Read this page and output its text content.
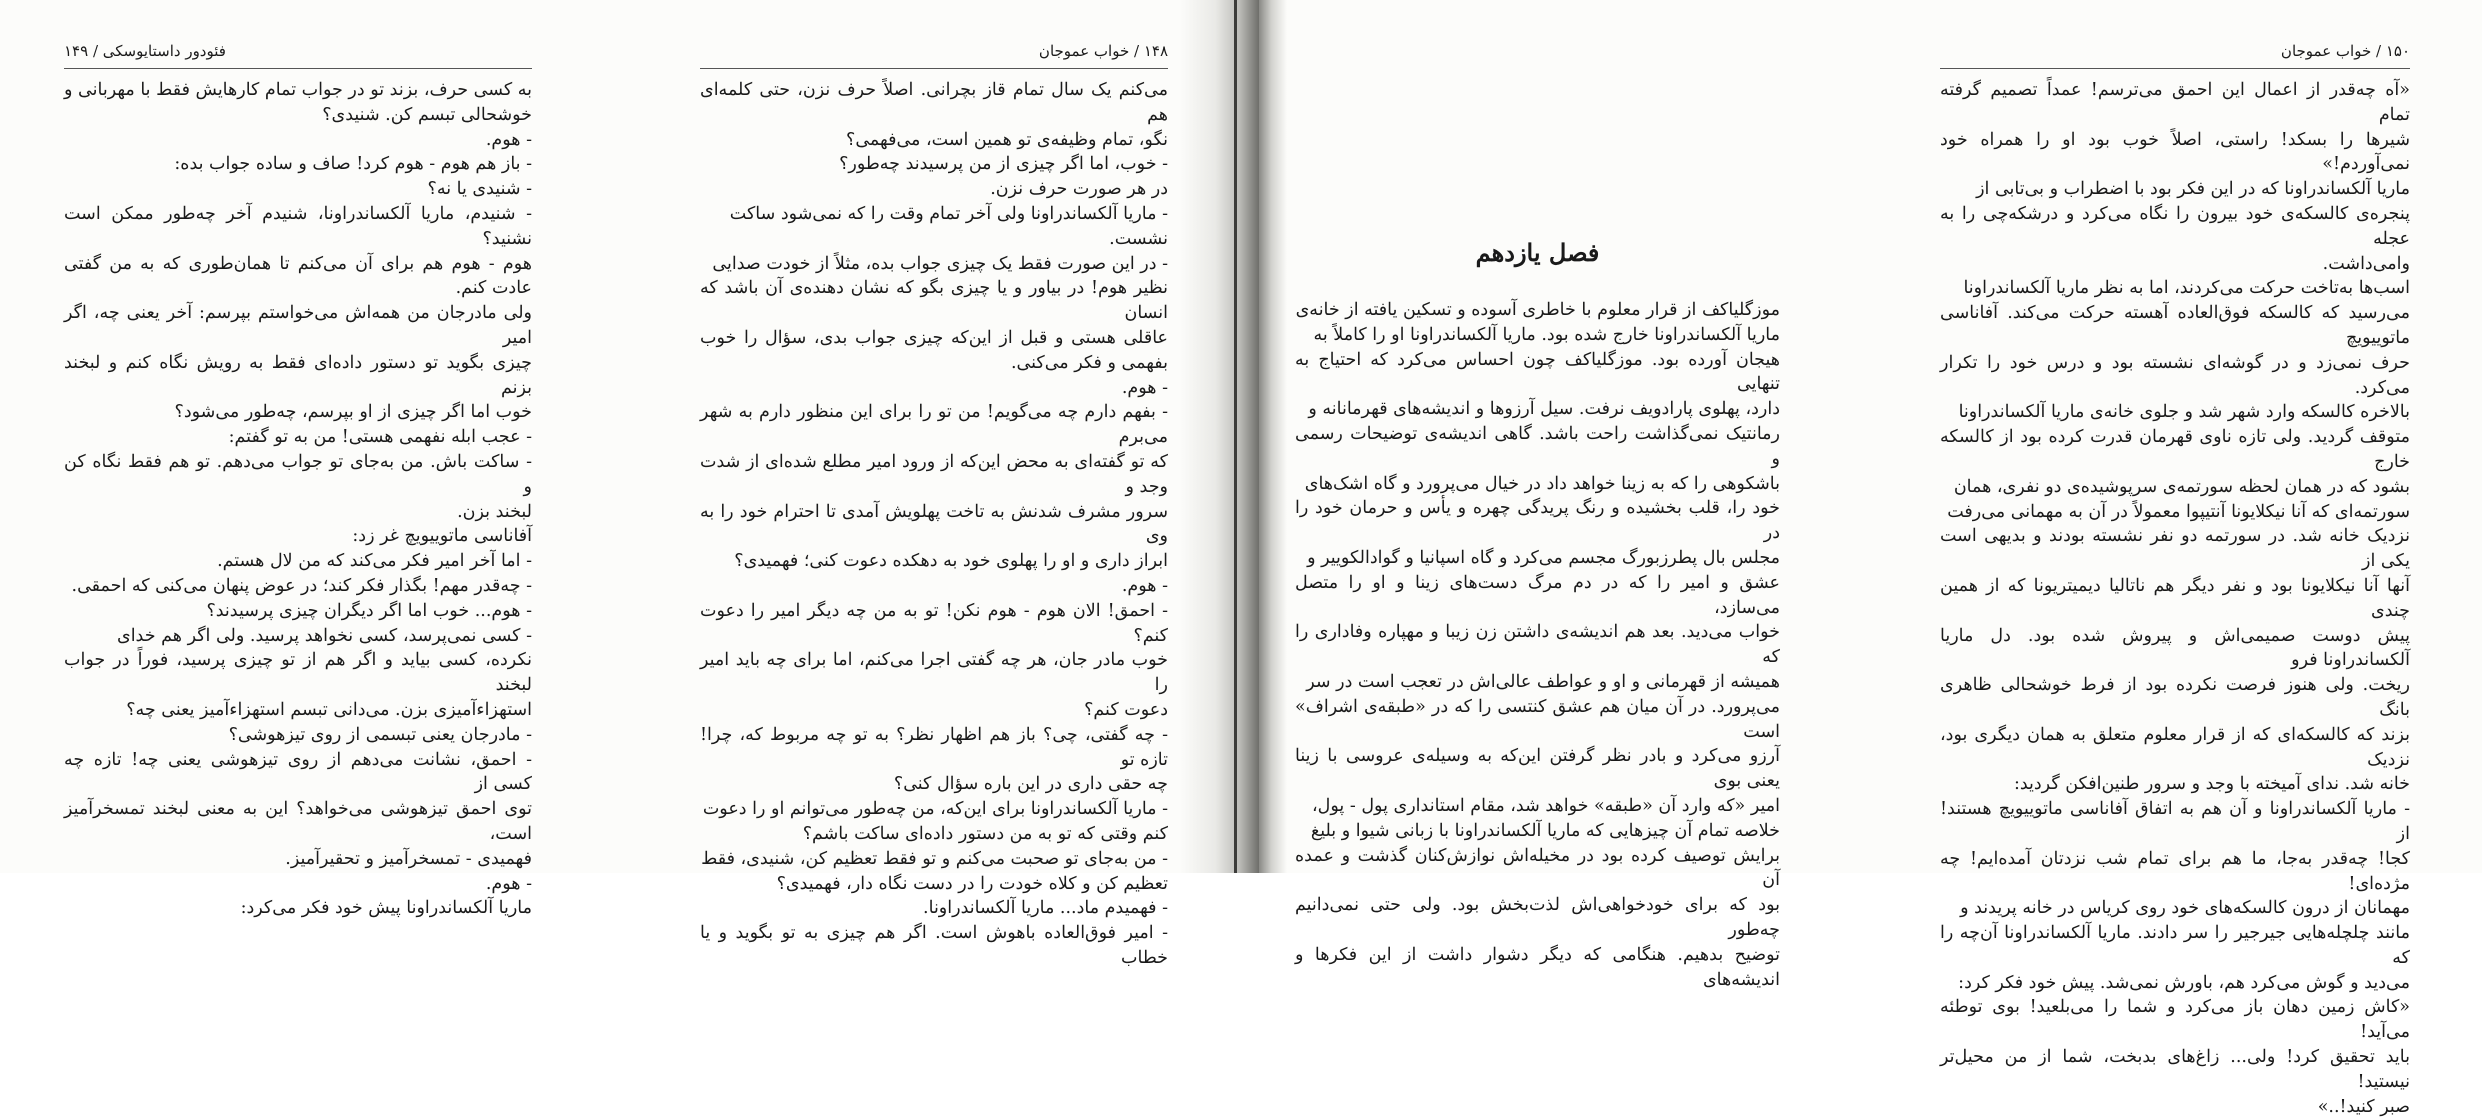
فئودور داستایوسکی / ۱۴۹

به کسی حرف، بزند تو در جواب تمام کارهایش فقط با مهربانی و

خوشحالی تبسم کن. شنیدی؟

- هوم.

- باز هم هوم - هوم کرد! صاف و ساده جواب بده:

- شنیدی یا نه؟

- شنیدم، ماریا آلکساندراونا، شنیدم آخر چه‌طور ممکن است نشنید؟

هوم - هوم هم برای آن می‌کنم تا همان‌طوری که به من گفتی عادت کنم.

ولی مادرجان من همه‌اش می‌خواستم بپرسم: آخر یعنی چه، اگر امیر

چیزی بگوید تو دستور داده‌ای فقط به رویش نگاه کنم و لبخند بزنم

خوب اما اگر چیزی از او بپرسم، چه‌طور می‌شود؟

- عجب ابله نفهمی هستی! من به تو گفتم:

- ساکت باش. من به‌جای تو جواب می‌دهم. تو هم فقط نگاه کن و

لبخند بزن.

آفاناسی ماتوییویچ غر زد:

- اما آخر امیر فکر می‌کند که من لال هستم.

- چه‌قدر مهم! بگذار فکر کند؛ در عوض پنهان می‌کنی که احمقی.

- هوم... خوب اما اگر دیگران چیزی پرسیدند؟

- کسی نمی‌پرسد، کسی نخواهد پرسید. ولی اگر هم خدای

نکرده، کسی بیاید و اگر هم از تو چیزی پرسید، فوراً در جواب لبخند

استهزاءآمیزی بزن. می‌دانی تبسم استهزاءآمیز یعنی چه؟

- مادرجان یعنی تبسمی از روی تیزهوشی؟

- احمق، نشانت می‌دهم از روی تیزهوشی یعنی چه! تازه چه کسی از

توی احمق تیزهوشی می‌خواهد؟ این به معنی لبخند تمسخرآمیز است،

فهمیدی - تمسخرآمیز و تحقیرآمیز.

- هوم.

ماریا آلکساندراونا پیش خود فکر می‌کرد:

۱۴۸ / خواب عموجان

می‌کنم یک سال تمام قاز بچرانی. اصلاً حرف نزن، حتی کلمه‌ای هم

نگو، تمام وظیفه‌ی تو همین است، می‌فهمی؟

- خوب، اما اگر چیزی از من پرسیدند چه‌طور؟

در هر صورت حرف نزن.

- ماریا آلکساندراونا ولی آخر تمام وقت را که نمی‌شود ساکت

نشست.

- در این صورت فقط یک چیزی جواب بده، مثلاً از خودت صدایی

نظیر هوم! در بیاور و یا چیزی بگو که نشان دهنده‌ی آن باشد که انسان

عاقلی هستی و قبل از این‌که چیزی جواب بدی، سؤال را خوب بفهمی و فکر می‌کنی.

- هوم.

- بفهم دارم چه می‌گویم! من تو را برای این منظور دارم به شهر می‌برم

که تو گفته‌ای به محض این‌که از ورود امیر مطلع شده‌ای از شدت وجد و

سرور مشرف شدنش به تاخت پهلویش آمدی تا احترام خود را به وی

ابراز داری و او را پهلوی خود به دهکده دعوت کنی؛ فهمیدی؟

- هوم.

- احمق! الان هوم - هوم نکن! تو به من چه دیگر امیر را دعوت کنم؟

خوب مادر جان، هر چه گفتی اجرا می‌کنم، اما برای چه باید امیر را

دعوت کنم؟

- چه گفتی، چی؟ باز هم اظهار نظر؟ به تو چه مربوط که، چرا! تازه تو

چه حقی داری در این باره سؤال کنی؟

- ماریا آلکساندراونا برای این‌که، من چه‌طور می‌توانم او را دعوت

کنم وقتی که تو به من دستور داده‌ای ساکت باشم؟

- من به‌جای تو صحبت می‌کنم و تو فقط تعظیم کن، شنیدی، فقط

تعظیم کن و کلاه خودت را در دست نگاه دار، فهمیدی؟

- فهمیدم ماد... ماریا آلکساندراونا.

- امیر فوق‌العاده باهوش است. اگر هم چیزی به تو بگوید و یا خطاب

فصل یازدهم

موزگلیاکف از قرار معلوم با خاطری آسوده و تسکین یافته از خانه‌ی

ماریا آلکساندراونا خارج شده بود. ماریا آلکساندراونا او را کاملاً به

هیجان آورده بود. موزگلیاکف چون احساس می‌کرد که احتیاج به تنهایی

دارد، پهلوی پارادویف نرفت. سیل آرزوها و اندیشه‌های قهرمانانه و

رمانتیک نمی‌گذاشت راحت باشد. گاهی اندیشه‌ی توضیحات رسمی و

باشکوهی را که به زینا خواهد داد در خیال می‌پرورد و گاه اشک‌های

خود را، قلب بخشیده و رنگ پریدگی چهره و یأس و حرمان خود را در

مجلس بال پطرزبورگ مجسم می‌کرد و گاه اسپانیا و گوادالکوییر و

عشق و امیر را که در دم مرگ دست‌های زینا و او را متصل می‌سازد،

خواب می‌دید. بعد هم اندیشه‌ی داشتن زن زیبا و مهپاره وفاداری را که

همیشه از قهرمانی و او و عواطف عالی‌اش در تعجب است در سر

می‌پرورد. در آن میان هم عشق کنتسی را که در «طبقه‌ی اشراف» است

آرزو می‌کرد و بادر نظر گرفتن این‌که به وسیله‌ی عروسی با زینا یعنی بوی

امیر «که وارد آن «طبقه» خواهد شد، مقام استانداری پول - پول،

خلاصه تمام آن چیزهایی که ماریا آلکساندراونا با زبانی شیوا و بلیغ

برایش توصیف کرده بود در مخیله‌اش نوازش‌کنان گذشت و عمده آن

بود که برای خودخواهی‌اش لذت‌بخش بود. ولی حتی نمی‌دانیم چه‌طور

توضیح بدهیم. هنگامی که دیگر دشوار داشت از این فکرها و اندیشه‌های

۱۵۰ / خواب عموجان

«آه چه‌قدر از اعمال این احمق می‌ترسم! عمداً تصمیم گرفته تمام

شیرها را بسکد! راستی، اصلاً خوب بود او را همراه خود نمی‌آوردم!»

ماریا آلکساندراونا که در این فکر بود با اضطراب و بی‌تابی از

پنجره‌ی کالسکه‌ی خود بیرون را نگاه می‌کرد و درشکه‌چی را به عجله

وامی‌داشت.

اسب‌ها به‌تاخت حرکت می‌کردند، اما به نظر ماریا آلکساندراونا

می‌رسید که کالسکه فوق‌العاده آهسته حرکت می‌کند. آفاناسی ماتوییویچ

حرف نمی‌زد و در گوشه‌ای نشسته بود و درس خود را تکرار می‌کرد.

بالاخره کالسکه وارد شهر شد و جلوی خانه‌ی ماریا آلکساندراونا

متوقف گردید. ولی تازه ناوی قهرمان قدرت کرده بود از کالسکه خارج

بشود که در همان لحظه سورتمه‌ی سرپوشیده‌ی دو نفری، همان

سورتمه‌ای که آنا نیکلایونا آنتیپوا معمولاً در آن به مهمانی می‌رفت

نزدیک خانه شد. در سورتمه دو نفر نشسته بودند و بدیهی است یکی از

آنها آنا نیکلایونا بود و نفر دیگر هم ناتالیا دیمیتریونا که از همین چندی

پیش دوست صمیمی‌اش و پیروش شده بود. دل ماریا آلکساندراونا فرو

ریخت. ولی هنوز فرصت نکرده بود از فرط خوشحالی ظاهری بانگ

بزند که کالسکه‌ای که از قرار معلوم متعلق به همان دیگری بود، نزدیک

خانه شد. ندای آمیخته با وجد و سرور طنین‌افکن گردید:

- ماریا آلکساندراونا و آن هم به اتفاق آفاناسی ماتوییویچ هستند! از

کجا! چه‌قدر به‌جا، ما هم برای تمام شب نزدتان آمده‌ایم! چه مژده‌ای!

مهمانان از درون کالسکه‌های خود روی کریاس در خانه پریدند و

مانند چلچله‌هایی جیرجیر را سر دادند. ماریا آلکساندراونا آن‌چه را که

می‌دید و گوش می‌کرد هم، باورش نمی‌شد. پیش خود فکر کرد:

«کاش زمین دهان باز می‌کرد و شما را می‌بلعید! بوی توطئه می‌آید!

باید تحقیق کرد! ولی... زاغ‌های بدبخت، شما از من محیل‌تر نیستید!

صبر کنید!..»
